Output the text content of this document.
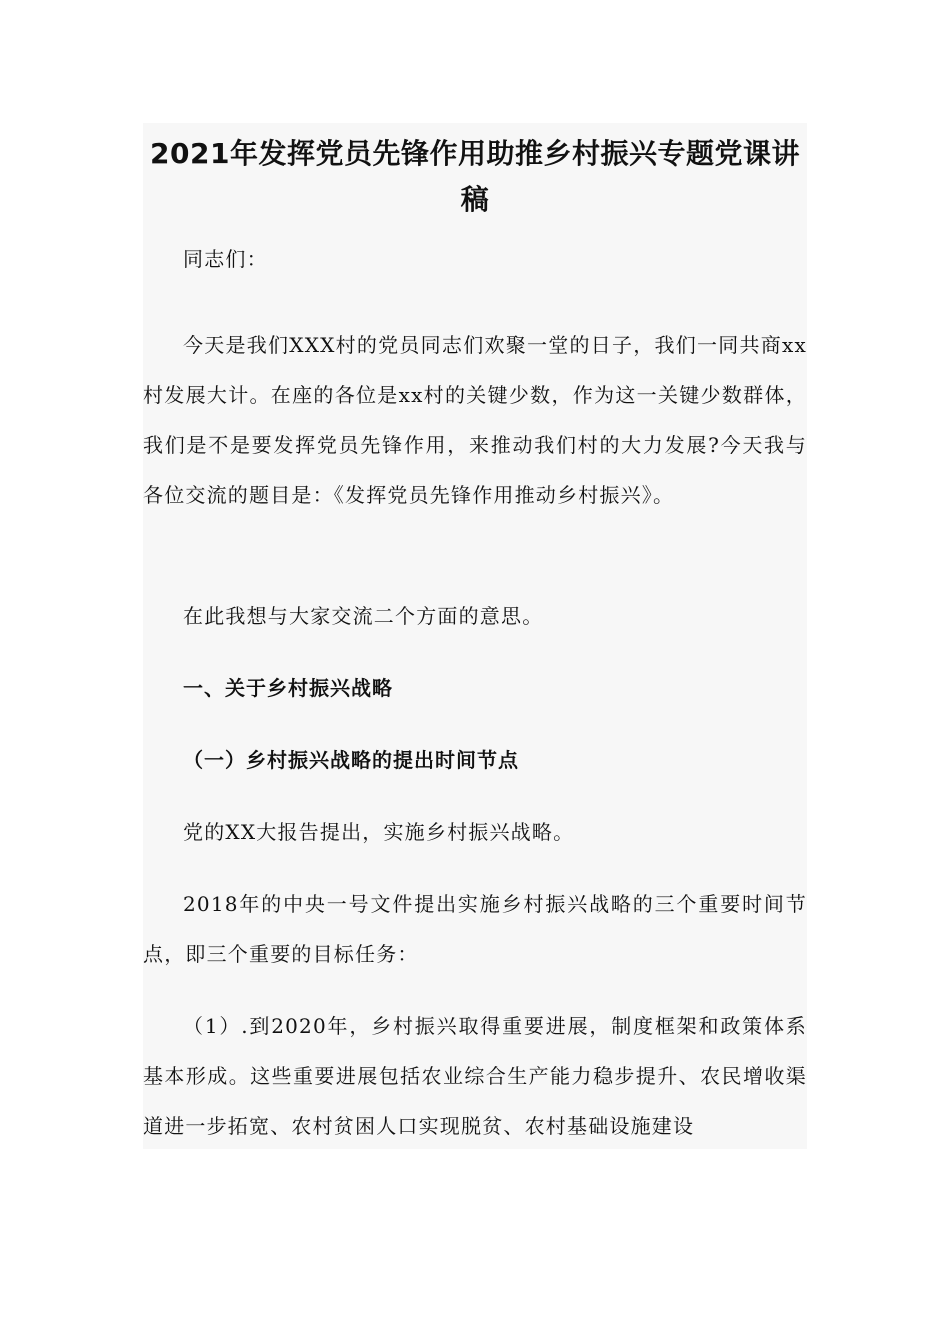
2021年发挥党员先锋作用助推乡村振兴专题党课讲稿

同志们：

今天是我们XXX村的党员同志们欢聚一堂的日子，我们一同共商xx村发展大计。在座的各位是xx村的关键少数，作为这一关键少数群体，我们是不是要发挥党员先锋作用，来推动我们村的大力发展?今天我与各位交流的题目是：《发挥党员先锋作用推动乡村振兴》。

在此我想与大家交流二个方面的意思。

一、关于乡村振兴战略

（一）乡村振兴战略的提出时间节点

党的XX大报告提出，实施乡村振兴战略。

2018年的中央一号文件提出实施乡村振兴战略的三个重要时间节点，即三个重要的目标任务：

（1）.到2020年，乡村振兴取得重要进展，制度框架和政策体系基本形成。这些重要进展包括农业综合生产能力稳步提升、农民增收渠道进一步拓宽、农村贫困人口实现脱贫、农村基础设施建设
